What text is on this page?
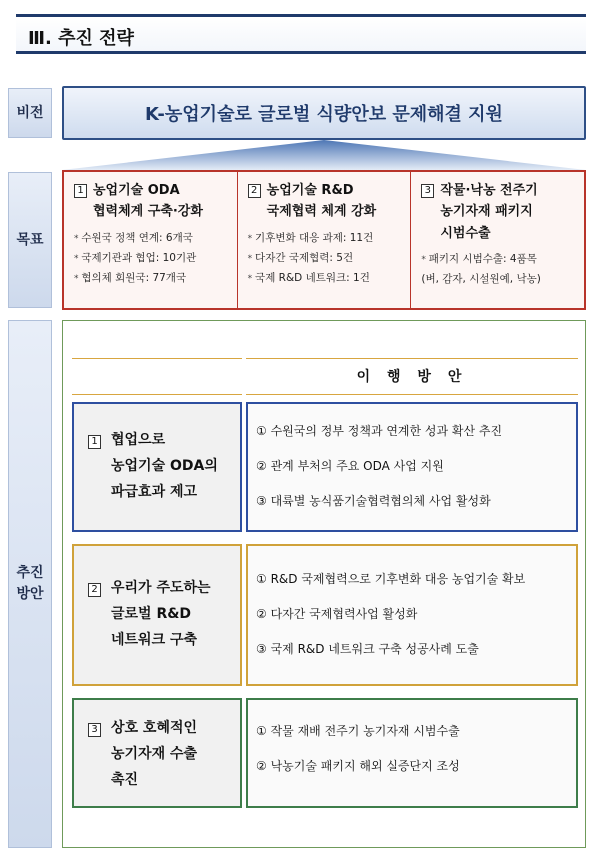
Ⅲ. 추진 전략
비전
목표
추진
방안
K-농업기술로 글로벌 식량안보 문제해결 지원
1 농업기술 ODA
협력체계 구축·강화
* 수원국 정책 연계: 6개국
* 국제기관과 협업: 10기관
* 협의체 회원국: 77개국
2 농업기술 R&D
국제협력 체계 강화
* 기후변화 대응 과제: 11건
* 다자간 국제협력: 5건
* 국제 R&D 네트워크: 1건
3 작물·낙농 전주기
농기자재 패키지
시범수출
* 패키지 시범수출: 4품목
(벼, 감자, 시설원예, 낙농)
이 행 방 안
1 협업으로
농업기술 ODA의
파급효과 제고
① 수원국의 정부 정책과 연계한 성과 확산 추진
② 관계 부처의 주요 ODA 사업 지원
③ 대륙별 농식품기술협력협의체 사업 활성화
2 우리가 주도하는
글로벌 R&D
네트워크 구축
① R&D 국제협력으로 기후변화 대응 농업기술 확보
② 다자간 국제협력사업 활성화
③ 국제 R&D 네트워크 구축 성공사례 도출
3 상호 호혜적인
농기자재 수출
촉진
① 작물 재배 전주기 농기자재 시범수출
② 낙농기술 패키지 해외 실증단지 조성
